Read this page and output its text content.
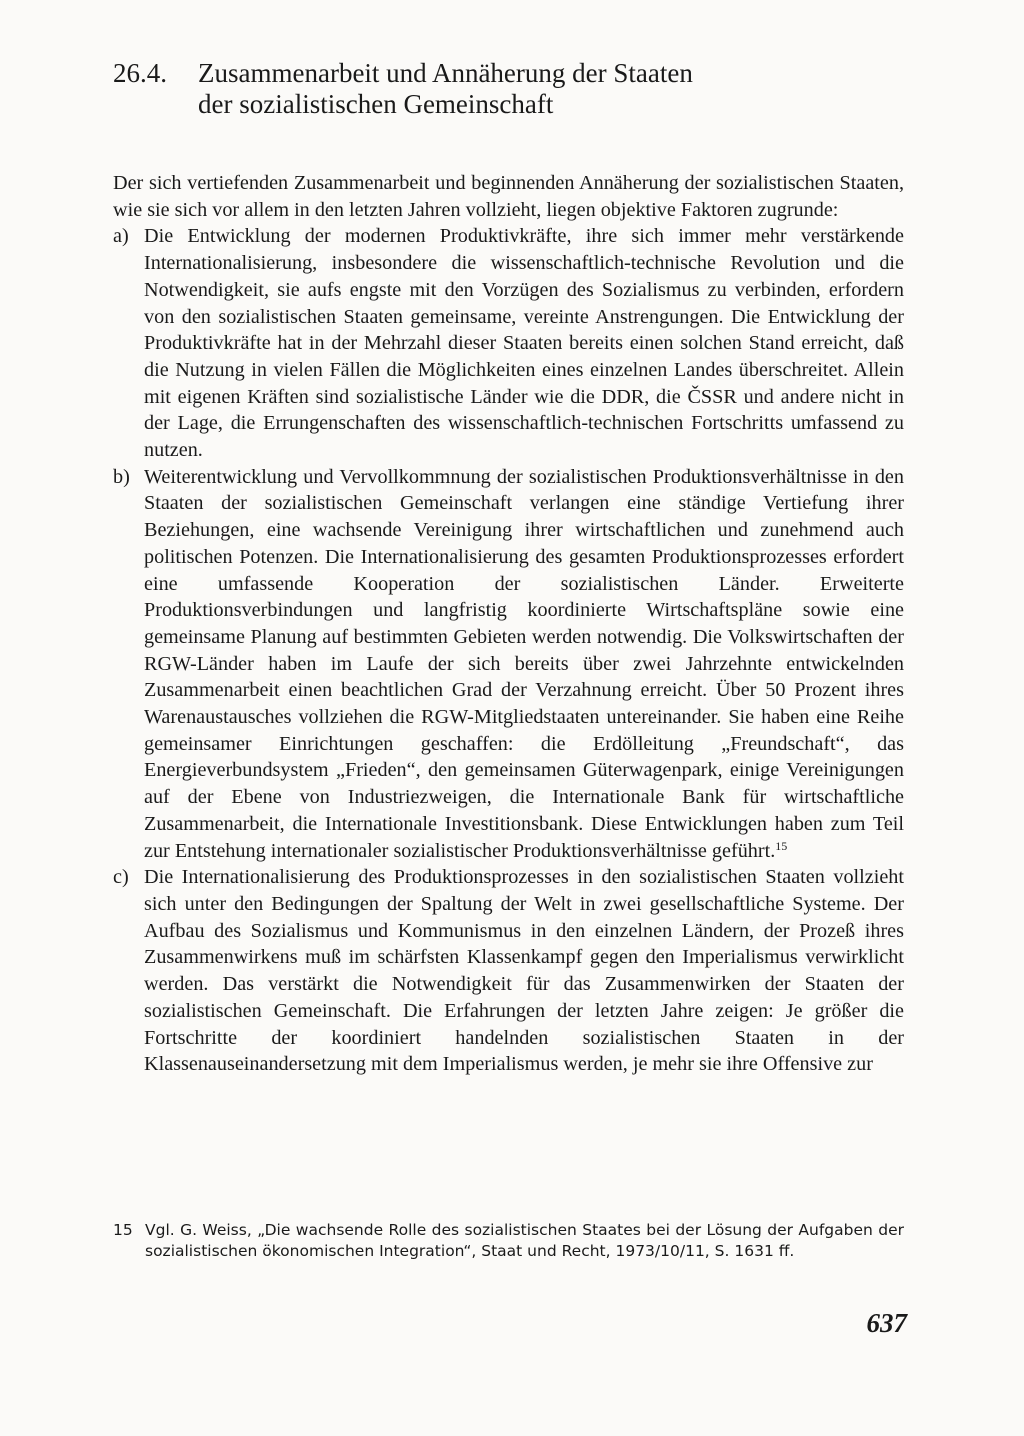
26.4. Zusammenarbeit und Annäherung der Staaten
der sozialistischen Gemeinschaft

Der sich vertiefenden Zusammenarbeit und beginnenden Annäherung der sozialistischen Staaten, wie sie sich vor allem in den letzten Jahren vollzieht, liegen objektive Faktoren zugrunde:

a) Die Entwicklung der modernen Produktivkräfte, ihre sich immer mehr verstärkende Internationalisierung, insbesondere die wissenschaftlich-technische Revolution und die Notwendigkeit, sie aufs engste mit den Vorzügen des Sozialismus zu verbinden, erfordern von den sozialistischen Staaten gemeinsame, vereinte Anstrengungen. Die Entwicklung der Produktivkräfte hat in der Mehrzahl dieser Staaten bereits einen solchen Stand erreicht, daß die Nutzung in vielen Fällen die Möglichkeiten eines einzelnen Landes überschreitet. Allein mit eigenen Kräften sind sozialistische Länder wie die DDR, die ČSSR und andere nicht in der Lage, die Errungenschaften des wissenschaftlich-technischen Fortschritts umfassend zu nutzen.

b) Weiterentwicklung und Vervollkommnung der sozialistischen Produktionsverhältnisse in den Staaten der sozialistischen Gemeinschaft verlangen eine ständige Vertiefung ihrer Beziehungen, eine wachsende Vereinigung ihrer wirtschaftlichen und zunehmend auch politischen Potenzen. Die Internationalisierung des gesamten Produktionsprozesses erfordert eine umfassende Kooperation der sozialistischen Länder. Erweiterte Produktionsverbindungen und langfristig koordinierte Wirtschaftspläne sowie eine gemeinsame Planung auf bestimmten Gebieten werden notwendig. Die Volkswirtschaften der RGW-Länder haben im Laufe der sich bereits über zwei Jahrzehnte entwickelnden Zusammenarbeit einen beachtlichen Grad der Verzahnung erreicht. Über 50 Prozent ihres Warenaustausches vollziehen die RGW-Mitgliedstaaten untereinander. Sie haben eine Reihe gemeinsamer Einrichtungen geschaffen: die Erdölleitung „Freundschaft“, das Energieverbundsystem „Frieden“, den gemeinsamen Güterwagenpark, einige Vereinigungen auf der Ebene von Industriezweigen, die Internationale Bank für wirtschaftliche Zusammenarbeit, die Internationale Investitionsbank. Diese Entwicklungen haben zum Teil zur Entstehung internationaler sozialistischer Produktionsverhältnisse geführt.$^{15}$

c) Die Internationalisierung des Produktionsprozesses in den sozialistischen Staaten vollzieht sich unter den Bedingungen der Spaltung der Welt in zwei gesellschaftliche Systeme. Der Aufbau des Sozialismus und Kommunismus in den einzelnen Ländern, der Prozeß ihres Zusammenwirkens muß im schärfsten Klassenkampf gegen den Imperialismus verwirklicht werden. Das verstärkt die Notwendigkeit für das Zusammenwirken der Staaten der sozialistischen Gemeinschaft. Die Erfahrungen der letzten Jahre zeigen: Je größer die Fortschritte der koordiniert handelnden sozialistischen Staaten in der Klassenauseinandersetzung mit dem Imperialismus werden, je mehr sie ihre Offensive zur

15 Vgl. G. Weiss, „Die wachsende Rolle des sozialistischen Staates bei der Lösung der Aufgaben der sozialistischen ökonomischen Integration“, Staat und Recht, 1973/10/11, S. 1631 ff.
637
